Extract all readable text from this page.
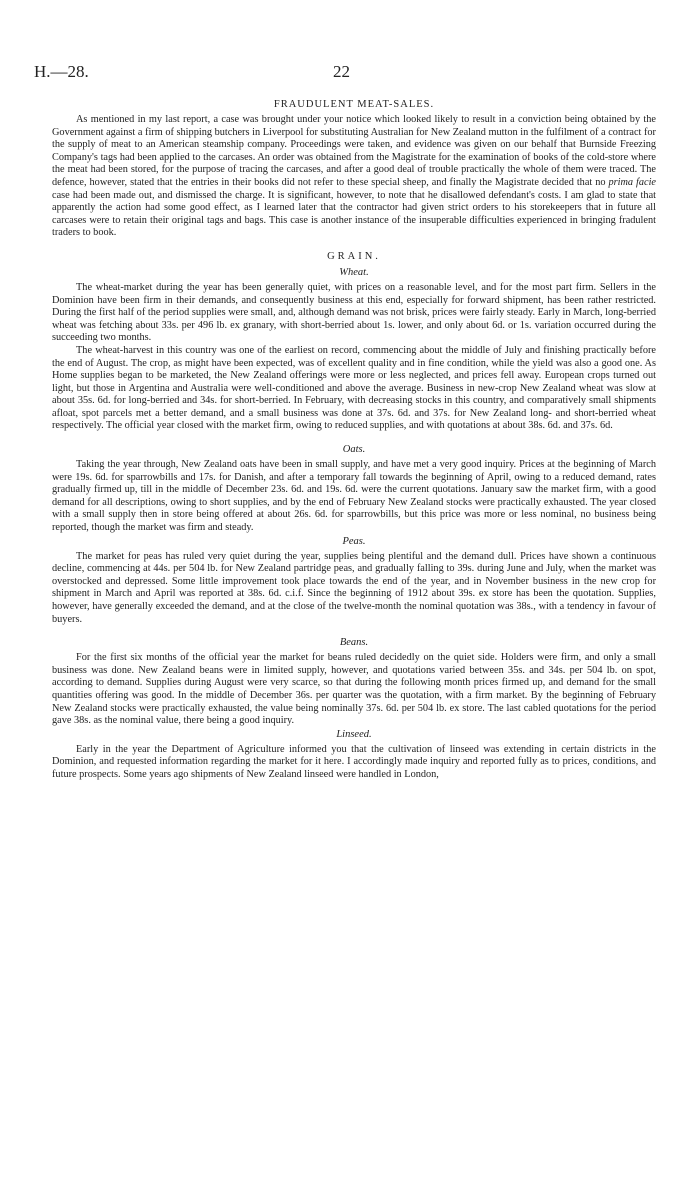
H.—28.	22
FRAUDULENT MEAT-SALES.

As mentioned in my last report, a case was brought under your notice which looked likely to result in a conviction being obtained by the Government against a firm of shipping butchers in Liverpool for substituting Australian for New Zealand mutton in the fulfilment of a contract for the supply of meat to an American steamship company. Proceedings were taken, and evidence was given on our behalf that Burnside Freezing Company's tags had been applied to the carcases. An order was obtained from the Magistrate for the examination of books of the cold-store where the meat had been stored, for the purpose of tracing the carcases, and after a good deal of trouble practically the whole of them were traced. The defence, however, stated that the entries in their books did not refer to these special sheep, and finally the Magistrate decided that no prima facie case had been made out, and dismissed the charge. It is significant, however, to note that he disallowed defendant's costs. I am glad to state that apparently the action had some good effect, as I learned later that the contractor had given strict orders to his storekeepers that in future all carcases were to retain their original tags and bags. This case is another instance of the insuperable difficulties experienced in bringing fradulent traders to book.

GRAIN.
Wheat.

The wheat-market during the year has been generally quiet, with prices on a reasonable level, and for the most part firm. Sellers in the Dominion have been firm in their demands, and consequently business at this end, especially for forward shipment, has been rather restricted. During the first half of the period supplies were small, and, although demand was not brisk, prices were fairly steady. Early in March, long-berried wheat was fetching about 33s. per 496 lb. ex granary, with short-berried about 1s. lower, and only about 6d. or 1s. variation occurred during the succeeding two months.

The wheat-harvest in this country was one of the earliest on record, commencing about the middle of July and finishing practically before the end of August. The crop, as might have been expected, was of excellent quality and in fine condition, while the yield was also a good one. As Home supplies began to be marketed, the New Zealand offerings were more or less neglected, and prices fell away. European crops turned out light, but those in Argentina and Australia were well-conditioned and above the average. Business in new-crop New Zealand wheat was slow at about 35s. 6d. for long-berried and 34s. for short-berried. In February, with decreasing stocks in this country, and comparatively small shipments afloat, spot parcels met a better demand, and a small business was done at 37s. 6d. and 37s. for New Zealand long- and short-berried wheat respectively. The official year closed with the market firm, owing to reduced supplies, and with quotations at about 38s. 6d. and 37s. 6d.

Oats.

Taking the year through, New Zealand oats have been in small supply, and have met a very good inquiry. Prices at the beginning of March were 19s. 6d. for sparrowbills and 17s. for Danish, and after a temporary fall towards the beginning of April, owing to a reduced demand, rates gradually firmed up, till in the middle of December 23s. 6d. and 19s. 6d. were the current quotations. January saw the market firm, with a good demand for all descriptions, owing to short supplies, and by the end of February New Zealand stocks were practically exhausted. The year closed with a small supply then in store being offered at about 26s. 6d. for sparrowbills, but this price was more or less nominal, no business being reported, though the market was firm and steady.

Peas.

The market for peas has ruled very quiet during the year, supplies being plentiful and the demand dull. Prices have shown a continuous decline, commencing at 44s. per 504 lb. for New Zealand partridge peas, and gradually falling to 39s. during June and July, when the market was overstocked and depressed. Some little improvement took place towards the end of the year, and in November business in the new crop for shipment in March and April was reported at 38s. 6d. c.i.f. Since the beginning of 1912 about 39s. ex store has been the quotation. Supplies, however, have generally exceeded the demand, and at the close of the twelve-month the nominal quotation was 38s., with a tendency in favour of buyers.

Beans.

For the first six months of the official year the market for beans ruled decidedly on the quiet side. Holders were firm, and only a small business was done. New Zealand beans were in limited supply, however, and quotations varied between 35s. and 34s. per 504 lb. on spot, according to demand. Supplies during August were very scarce, so that during the following month prices firmed up, and demand for the small quantities offering was good. In the middle of December 36s. per quarter was the quotation, with a firm market. By the beginning of February New Zealand stocks were practically exhausted, the value being nominally 37s. 6d. per 504 lb. ex store. The last cabled quotations for the period gave 38s. as the nominal value, there being a good inquiry.

Linseed.

Early in the year the Department of Agriculture informed you that the cultivation of linseed was extending in certain districts in the Dominion, and requested information regarding the market for it here. I accordingly made inquiry and reported fully as to prices, conditions, and future prospects. Some years ago shipments of New Zealand linseed were handled in London,
